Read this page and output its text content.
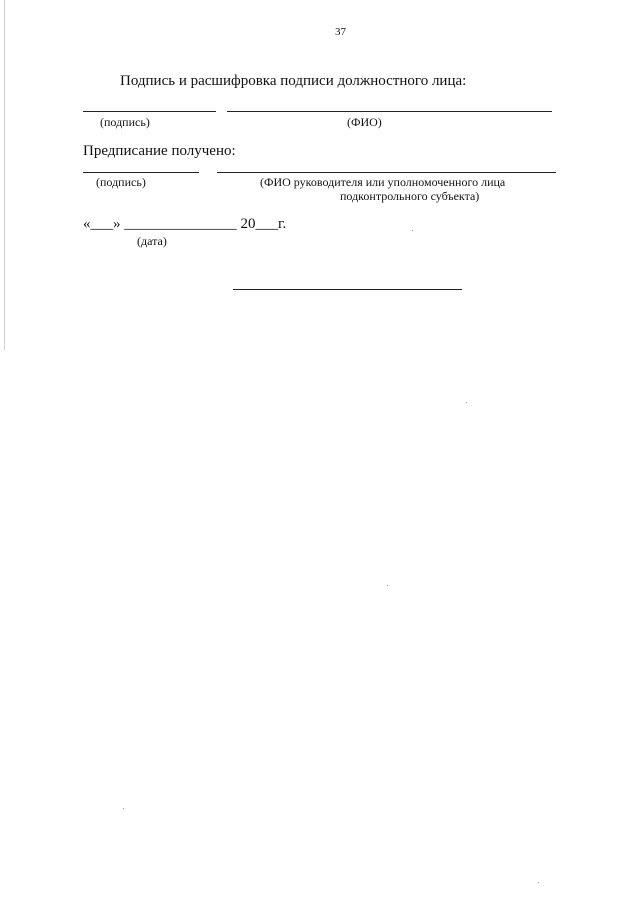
37
Подпись и расшифровка подписи должностного лица:
(подпись)	(ФИО)
Предписание получено:
(подпись)	(ФИО руководителя или уполномоченного лица
подконтрольного субъекта)
«___» _______________ 20___г.
(дата)
